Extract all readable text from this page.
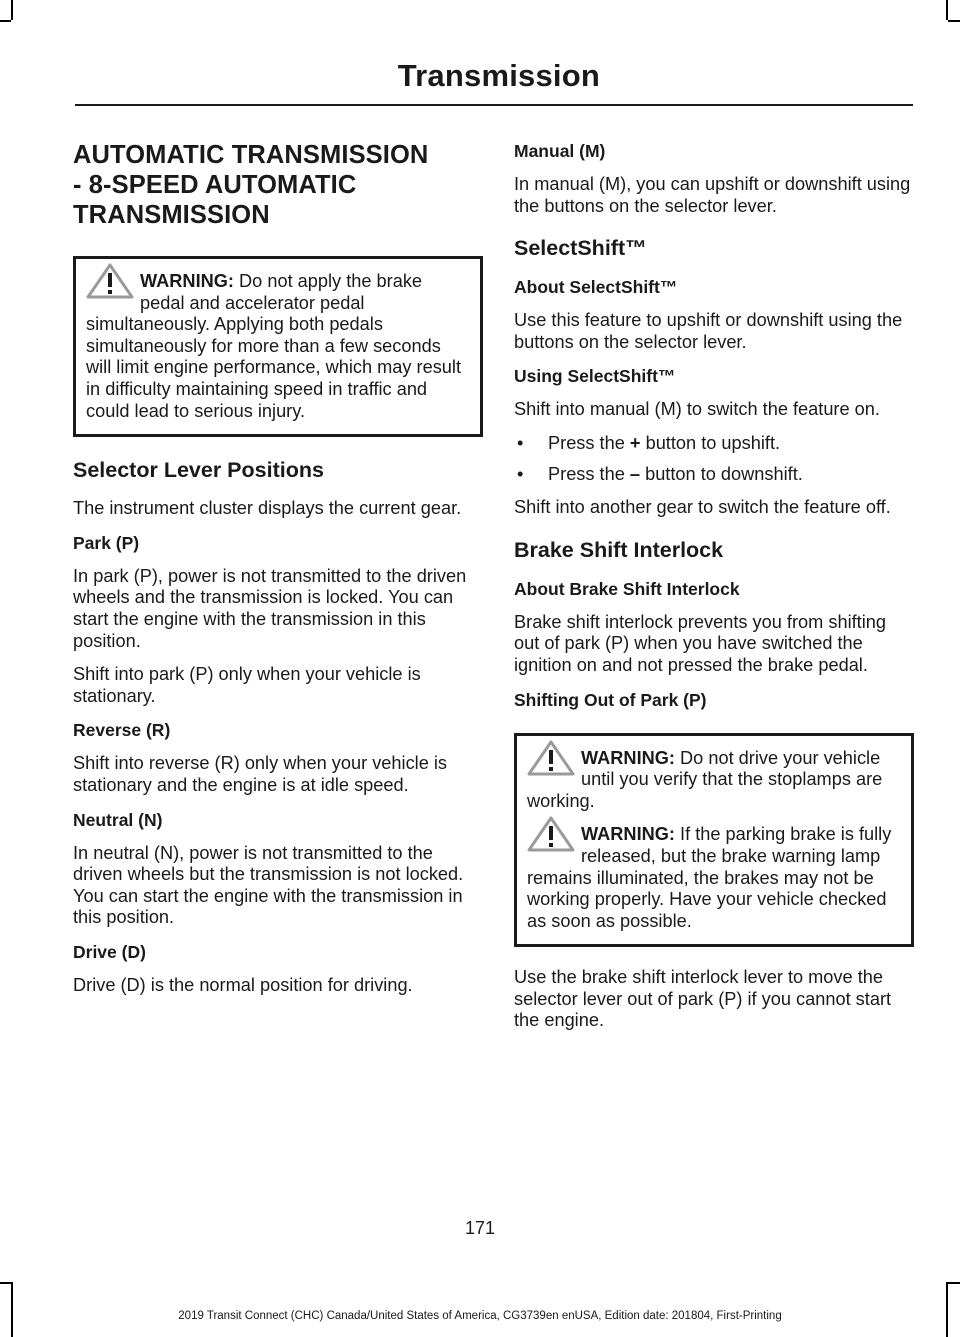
Transmission
AUTOMATIC TRANSMISSION
- 8-SPEED AUTOMATIC
TRANSMISSION
WARNING: Do not apply the brake pedal and accelerator pedal simultaneously. Applying both pedals simultaneously for more than a few seconds will limit engine performance, which may result in difficulty maintaining speed in traffic and could lead to serious injury.
Selector Lever Positions

The instrument cluster displays the current gear.

Park (P)

In park (P), power is not transmitted to the driven wheels and the transmission is locked. You can start the engine with the transmission in this position.

Shift into park (P) only when your vehicle is stationary.

Reverse (R)

Shift into reverse (R) only when your vehicle is stationary and the engine is at idle speed.

Neutral (N)

In neutral (N), power is not transmitted to the driven wheels but the transmission is not locked. You can start the engine with the transmission in this position.

Drive (D)

Drive (D) is the normal position for driving.

Manual (M)

In manual (M), you can upshift or downshift using the buttons on the selector lever.

SelectShift™
About SelectShift™

Use this feature to upshift or downshift using the buttons on the selector lever.

Using SelectShift™

Shift into manual (M) to switch the feature on.

• Press the + button to upshift.
• Press the – button to downshift.

Shift into another gear to switch the feature off.

Brake Shift Interlock
About Brake Shift Interlock

Brake shift interlock prevents you from shifting out of park (P) when you have switched the ignition on and not pressed the brake pedal.

Shifting Out of Park (P)
WARNING: Do not drive your vehicle until you verify that the stoplamps are working.
WARNING: If the parking brake is fully released, but the brake warning lamp remains illuminated, the brakes may not be working properly. Have your vehicle checked as soon as possible.

Use the brake shift interlock lever to move the selector lever out of park (P) if you cannot start the engine.

171
2019 Transit Connect (CHC) Canada/United States of America, CG3739en enUSA, Edition date: 201804, First-Printing
